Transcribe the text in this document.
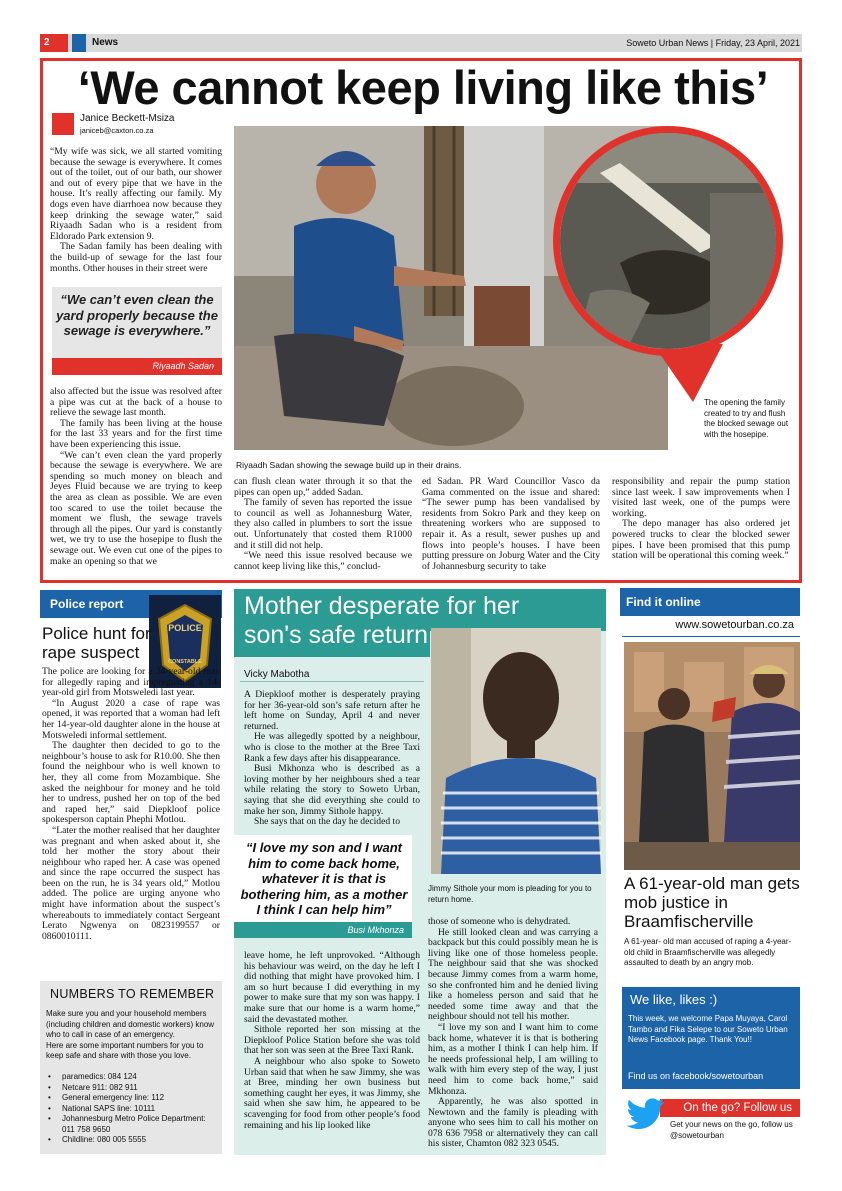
2	News	Soweto Urban News | Friday, 23 April, 2021
‘We cannot keep living like this’
Janice Beckett-Msiza
janiceb@caxton.co.za
The opening the family created to try and flush the blocked sewage out with the hosepipe.
Riyaadh Sadan showing the sewage build up in their drains.

“My wife was sick, we all started vomiting because the sewage is everywhere. It comes out of the toilet, out of our bath, our shower and out of every pipe that we have in the house. It’s really affecting our family. My dogs even have diarrhoea now because they keep drinking the sewage water,” said Riyaadh Sadan who is a resident from Eldorado Park extension 9.

The Sadan family has been dealing with the build-up of sewage for the last four months. Other houses in their street were

“We can’t even clean the yard properly because the sewage is everywhere.”
Riyaadh Sadan

also affected but the issue was resolved after a pipe was cut at the back of a house to relieve the sewage last month.

The family has been living at the house for the last 33 years and for the first time have been experiencing this issue.

“We can’t even clean the yard properly because the sewage is everywhere. We are spending so much money on bleach and Jeyes Fluid because we are trying to keep the area as clean as possible. We are even too scared to use the toilet because the moment we flush, the sewage travels through all the pipes. Our yard is constantly wet, we try to use the hosepipe to flush the sewage out. We even cut one of the pipes to make an opening so that we

can flush clean water through it so that the pipes can open up,” added Sadan.

The family of seven has reported the issue to council as well as Johannesburg Water, they also called in plumbers to sort the issue out. Unfortunately that costed them R1000 and it still did not help.

“We need this issue resolved because we cannot keep living like this,” conclud-

ed Sadan. PR Ward Councillor Vasco da Gama commented on the issue and shared: “The sewer pump has been vandalised by residents from Sokro Park and they keep on threatening workers who are supposed to repair it. As a result, sewer pushes up and flows into people’s houses. I have been putting pressure on Joburg Water and the City of Johannesburg security to take

responsibility and repair the pump station since last week. I saw improvements when I visited last week, one of the pumps were working.

The depo manager has also ordered jet powered trucks to clear the blocked sewer pipes. I have been promised that this pump station will be operational this coming week.”

Police report
POLICE
CONSTABLE
Police hunt for rape suspect

The police are looking for a 34-year-old man for allegedly raping and impregnating a 14-year-old girl from Motsweledi last year.

“In August 2020 a case of rape was opened, it was reported that a woman had left her 14-year-old daughter alone in the house at Motsweledi informal settlement.

The daughter then decided to go to the neighbour’s house to ask for R10.00. She then found the neighbour who is well known to her, they all come from Mozambique. She asked the neighbour for money and he told her to undress, pushed her on top of the bed and raped her,” said Diepkloof police spokesperson captain Phephi Motlou.

“Later the mother realised that her daughter was pregnant and when asked about it, she told her mother the story about their neighbour who raped her. A case was opened and since the rape occurred the suspect has been on the run, he is 34 years old,” Motlou added. The police are urging anyone who might have information about the suspect’s whereabouts to immediately contact Sergeant Lerato Ngwenya on 0823199557 or 0860010111.

NUMBERS TO REMEMBER
Make sure you and your household members (including children and domestic workers) know who to call in case of an emergency.
Here are some important numbers for you to keep safe and share with those you love.
• paramedics: 084 124
• Netcare 911: 082 911
• General emergency line: 112
• National SAPS line: 10111
• Johannesburg Metro Police Department: 011 758 9650
• Childline: 080 005 5555
Mother desperate for her son's safe return
Jimmy Sithole your mom is pleading for you to return home.
Vicky Mabotha

A Diepkloof mother is desperately praying for her 36-year-old son’s safe return after he left home on Sunday, April 4 and never returned.

He was allegedly spotted by a neighbour, who is close to the mother at the Bree Taxi Rank a few days after his disappearance.

Busi Mkhonza who is described as a loving mother by her neighbours shed a tear while relating the story to Soweto Urban, saying that she did everything she could to make her son, Jimmy Sithole happy.

She says that on the day he decided to

“I love my son and I want him to come back home, whatever it is that is bothering him, as a mother I think I can help him”
Busi Mkhonza

leave home, he left unprovoked. “Although his behaviour was weird, on the day he left I did nothing that might have provoked him. I am so hurt because I did everything in my power to make sure that my son was happy. I make sure that our home is a warm home,” said the devastated mother.

Sithole reported her son missing at the Diepkloof Police Station before she was told that her son was seen at the Bree Taxi Rank.

A neighbour who also spoke to Soweto Urban said that when he saw Jimmy, she was at Bree, minding her own business but something caught her eyes, it was Jimmy, she said when she saw him, he appeared to be scavenging for food from other people’s food remaining and his lip looked like

those of someone who is dehydrated.

He still looked clean and was carrying a backpack but this could possibly mean he is living like one of those homeless people. The neighbour said that she was shocked because Jimmy comes from a warm home, so she confronted him and he denied living like a homeless person and said that he needed some time away and that the neighbour should not tell his mother.

“I love my son and I want him to come back home, whatever it is that is bothering him, as a mother I think I can help him. If he needs professional help, I am willing to walk with him every step of the way, I just need him to come back home,” said Mkhonza.

Apparently, he was also spotted in Newtown and the family is pleading with anyone who sees him to call his mother on 078 636 7958 or alternatively they can call his sister, Chamton 082 323 0545.

Find it online
www.sowetourban.co.za
A 61-year-old man gets mob justice in Braamfischerville
A 61-year- old man accused of raping a 4-year-old child in Braamfischerville was allegedly assaulted to death by an angry mob.
We like, likes :)
This week, we welcome Papa Muyaya, Carol Tambo and Fika Selepe to our Soweto Urban News Facebook page. Thank You!!
Find us on facebook/sowetourban
On the go? Follow us
Get your news on the go, follow us @sowetourban
